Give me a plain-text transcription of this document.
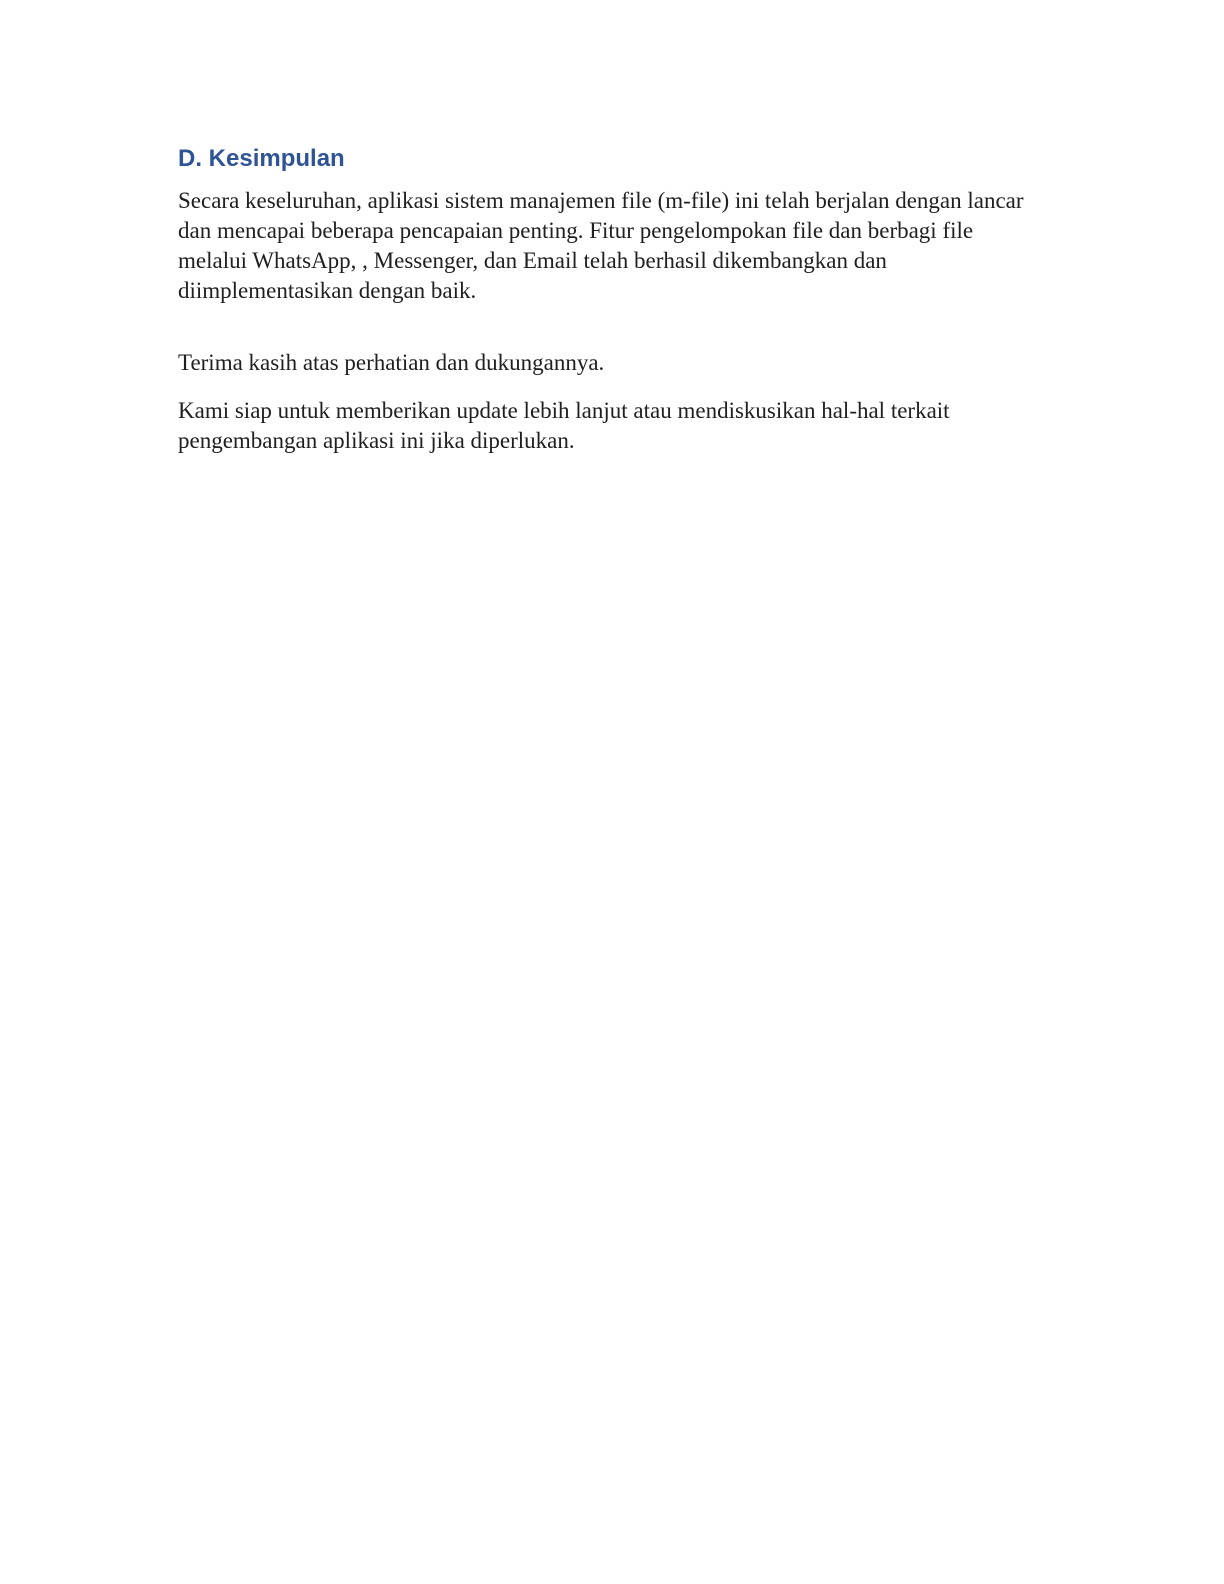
D. Kesimpulan

Secara keseluruhan, aplikasi sistem manajemen file (m-file) ini telah berjalan dengan lancar dan mencapai beberapa pencapaian penting. Fitur pengelompokan file dan berbagi file melalui WhatsApp, , Messenger, dan Email telah berhasil dikembangkan dan diimplementasikan dengan baik.

Terima kasih atas perhatian dan dukungannya.

Kami siap untuk memberikan update lebih lanjut atau mendiskusikan hal-hal terkait pengembangan aplikasi ini jika diperlukan.
